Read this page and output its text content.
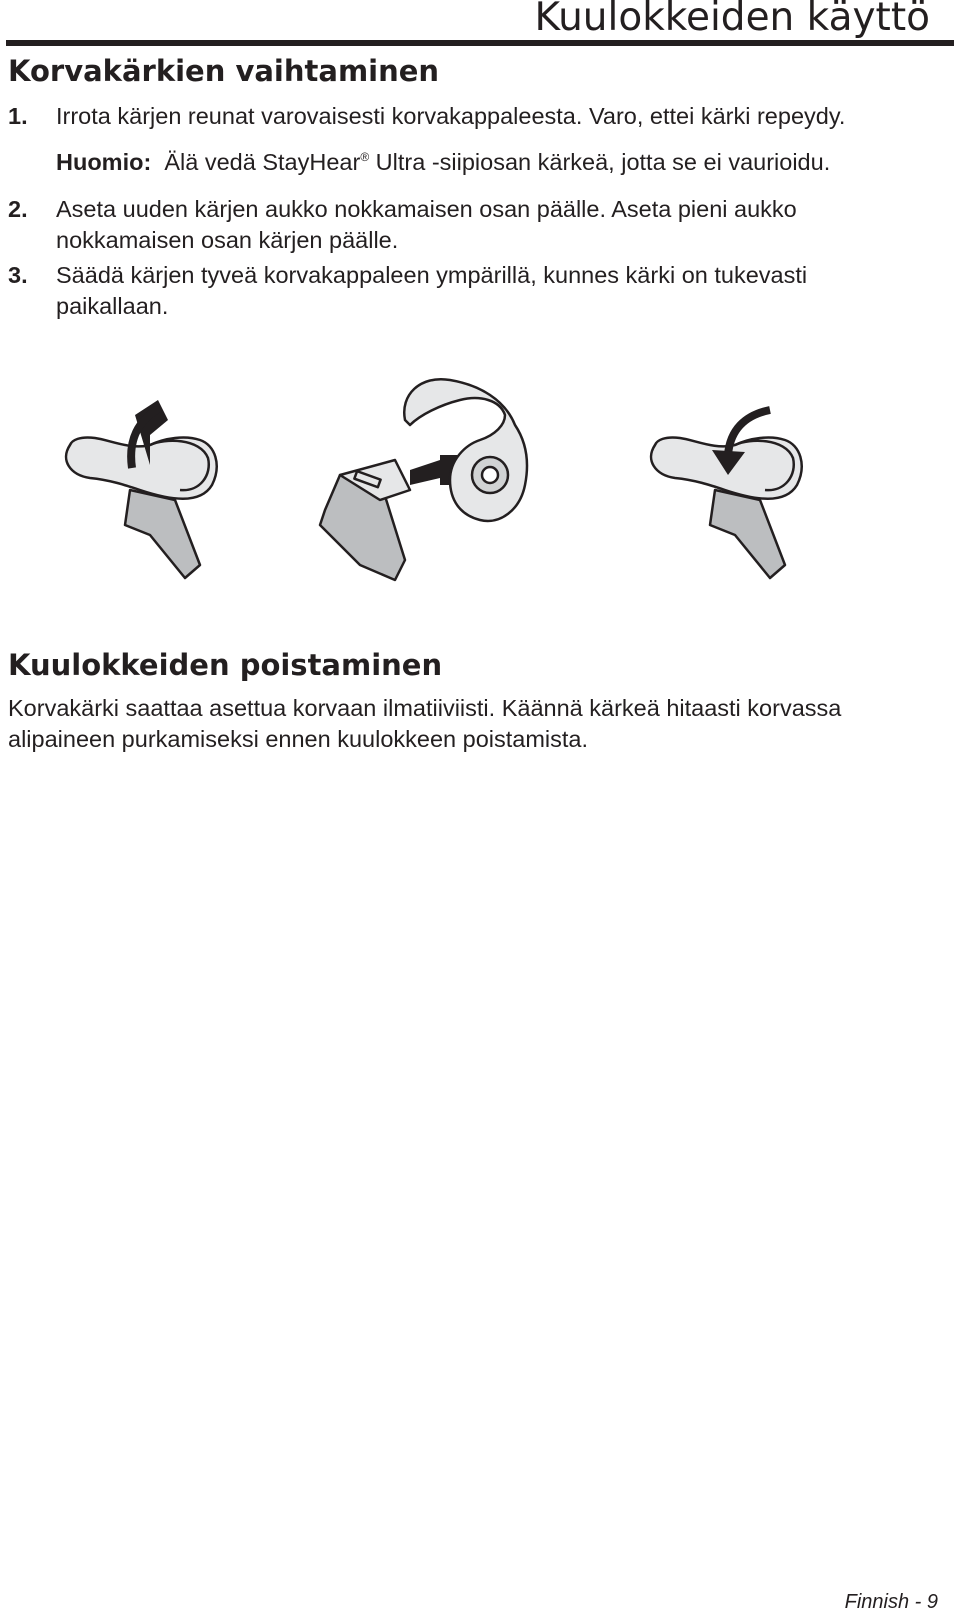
Kuulokkeiden käyttö
Korvakärkien vaihtaminen
1. Irrota kärjen reunat varovaisesti korvakappaleesta. Varo, ettei kärki repeydy.
Huomio: Älä vedä StayHear® Ultra -siipiosan kärkeä, jotta se ei vaurioidu.
2. Aseta uuden kärjen aukko nokkamaisen osan päälle. Aseta pieni aukko nokkamaisen osan kärjen päälle.
3. Säädä kärjen tyveä korvakappaleen ympärillä, kunnes kärki on tukevasti paikallaan.
Kuulokkeiden poistaminen
Korvakärki saattaa asettua korvaan ilmatiiviisti. Käännä kärkeä hitaasti korvassa alipaineen purkamiseksi ennen kuulokkeen poistamista.
Finnish - 9
